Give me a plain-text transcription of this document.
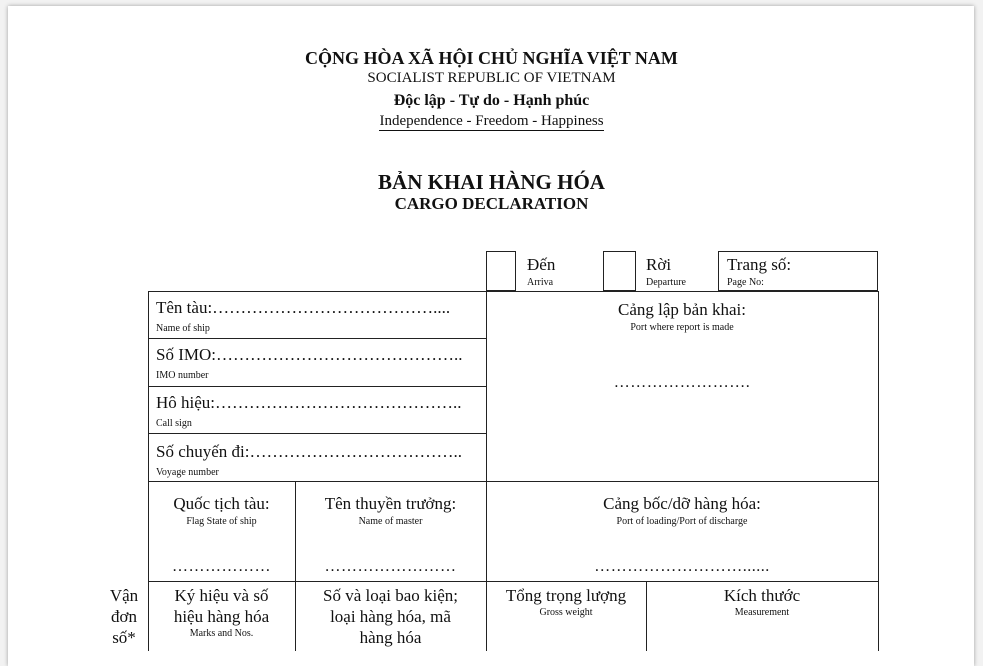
CỘNG HÒA XÃ HỘI CHỦ NGHĨA VIỆT NAM
SOCIALIST REPUBLIC OF VIETNAM
Độc lập - Tự do - Hạnh phúc
Independence - Freedom - Happiness
BẢN KHAI HÀNG HÓA
CARGO DECLARATION
Đến
Arriva
Rời
Departure
Trang số:
Page No:
Tên tàu:…………………………………....
Name of ship
Số IMO:……………………………………..
IMO number
Hô hiệu:……………………………………..
Call sign
Số chuyến đi:………………………………..
Voyage number
Cảng lập bản khai:
Port where report is made
…………………….
Quốc tịch tàu:
Flag State of ship
………………
Tên thuyền trưởng:
Name of master
……………………
Cảng bốc/dỡ hàng hóa:
Port of loading/Port of discharge
………………………......
Vận
đơn
số*
Ký hiệu và số
hiệu hàng hóa
Marks and Nos.
Số và loại bao kiện;
loại hàng hóa, mã
hàng hóa
Tổng trọng lượng
Gross weight
Kích thước
Measurement
